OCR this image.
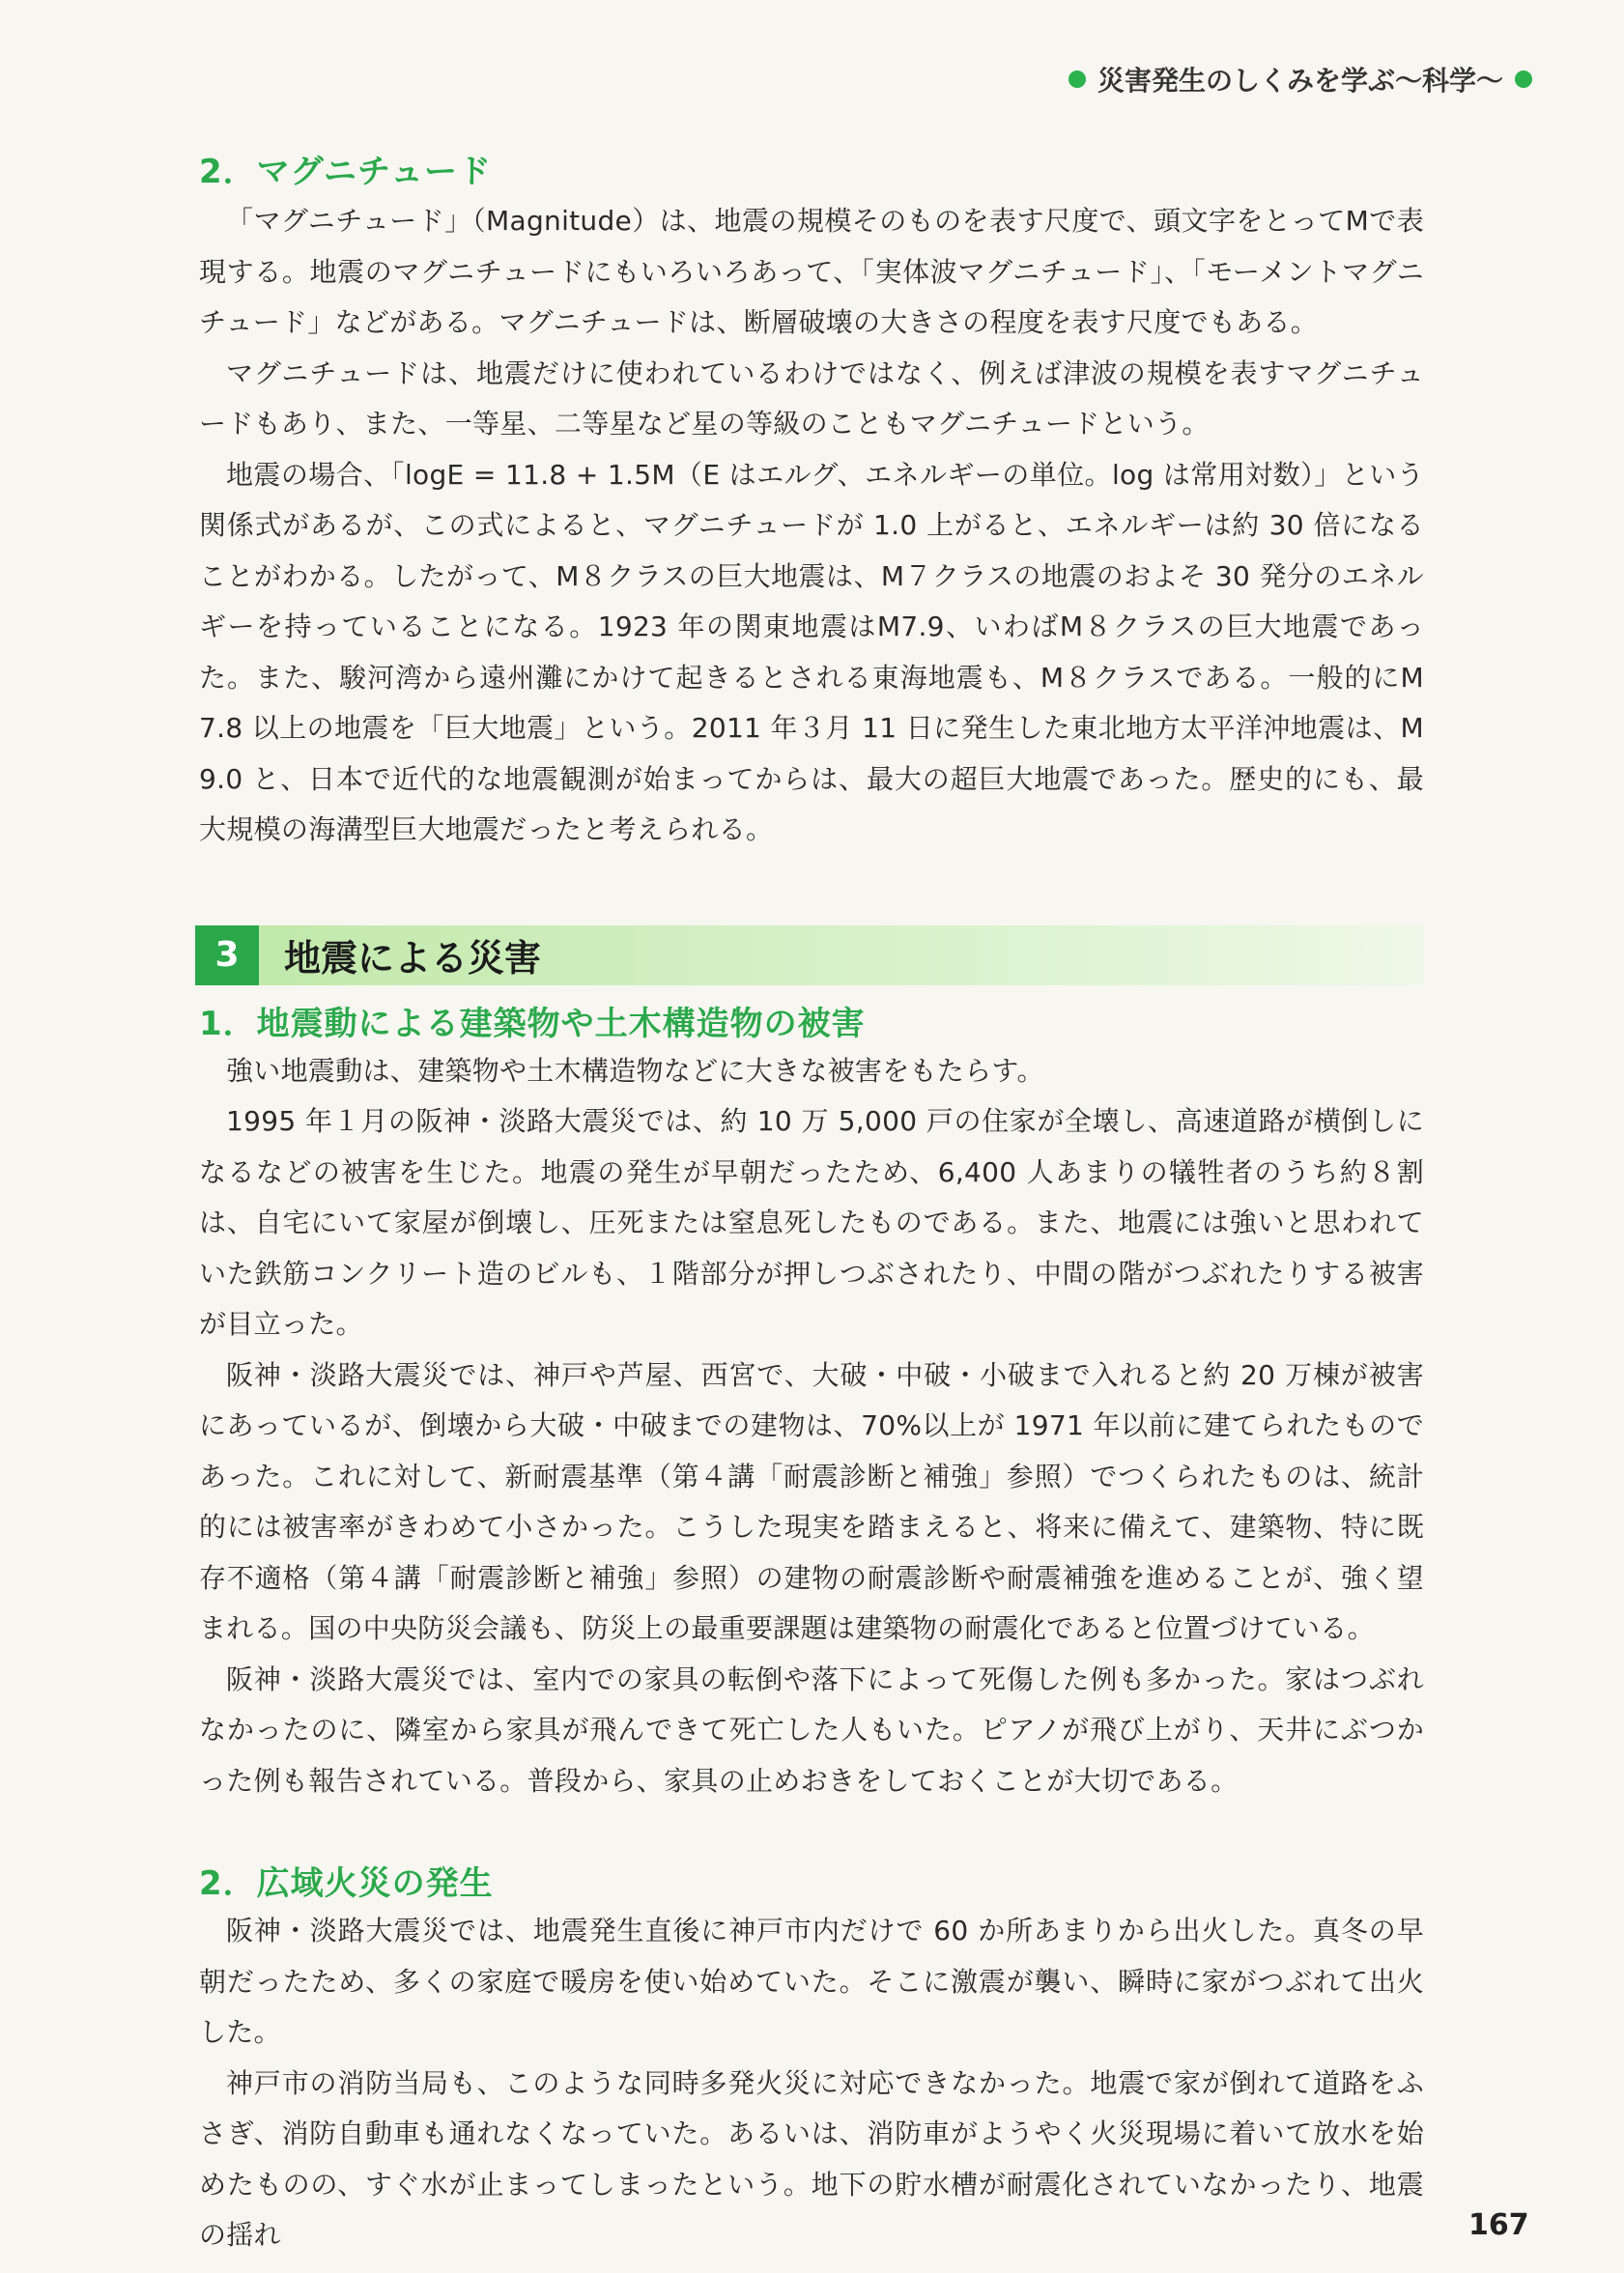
災害発生のしくみを学ぶ〜科学〜
2．マグニチュード

「マグニチュード」（Magnitude）は、地震の規模そのものを表す尺度で、頭文字をとってMで表現する。地震のマグニチュードにもいろいろあって、「実体波マグニチュード」、「モーメントマグニチュード」などがある。マグニチュードは、断層破壊の大きさの程度を表す尺度でもある。

マグニチュードは、地震だけに使われているわけではなく、例えば津波の規模を表すマグニチュードもあり、また、一等星、二等星など星の等級のこともマグニチュードという。

地震の場合、「logE = 11.8 + 1.5M（E はエルグ、エネルギーの単位。log は常用対数）」という関係式があるが、この式によると、マグニチュードが 1.0 上がると、エネルギーは約 30 倍になることがわかる。したがって、M８クラスの巨大地震は、M７クラスの地震のおよそ 30 発分のエネルギーを持っていることになる。1923 年の関東地震はM7.9、いわばM８クラスの巨大地震であった。また、駿河湾から遠州灘にかけて起きるとされる東海地震も、M８クラスである。一般的にM 7.8 以上の地震を「巨大地震」という。2011 年３月 11 日に発生した東北地方太平洋沖地震は、M 9.0 と、日本で近代的な地震観測が始まってからは、最大の超巨大地震であった。歴史的にも、最大規模の海溝型巨大地震だったと考えられる。

3	地震による災害
1．地震動による建築物や土木構造物の被害

強い地震動は、建築物や土木構造物などに大きな被害をもたらす。

1995 年１月の阪神・淡路大震災では、約 10 万 5,000 戸の住家が全壊し、高速道路が横倒しになるなどの被害を生じた。地震の発生が早朝だったため、6,400 人あまりの犠牲者のうち約８割は、自宅にいて家屋が倒壊し、圧死または窒息死したものである。また、地震には強いと思われていた鉄筋コンクリート造のビルも、１階部分が押しつぶされたり、中間の階がつぶれたりする被害が目立った。

阪神・淡路大震災では、神戸や芦屋、西宮で、大破・中破・小破まで入れると約 20 万棟が被害にあっているが、倒壊から大破・中破までの建物は、70%以上が 1971 年以前に建てられたものであった。これに対して、新耐震基準（第４講「耐震診断と補強」参照）でつくられたものは、統計的には被害率がきわめて小さかった。こうした現実を踏まえると、将来に備えて、建築物、特に既存不適格（第４講「耐震診断と補強」参照）の建物の耐震診断や耐震補強を進めることが、強く望まれる。国の中央防災会議も、防災上の最重要課題は建築物の耐震化であると位置づけている。

阪神・淡路大震災では、室内での家具の転倒や落下によって死傷した例も多かった。家はつぶれなかったのに、隣室から家具が飛んできて死亡した人もいた。ピアノが飛び上がり、天井にぶつかった例も報告されている。普段から、家具の止めおきをしておくことが大切である。

2．広域火災の発生

阪神・淡路大震災では、地震発生直後に神戸市内だけで 60 か所あまりから出火した。真冬の早朝だったため、多くの家庭で暖房を使い始めていた。そこに激震が襲い、瞬時に家がつぶれて出火した。

神戸市の消防当局も、このような同時多発火災に対応できなかった。地震で家が倒れて道路をふさぎ、消防自動車も通れなくなっていた。あるいは、消防車がようやく火災現場に着いて放水を始めたものの、すぐ水が止まってしまったという。地下の貯水槽が耐震化されていなかったり、地震の揺れ	167
